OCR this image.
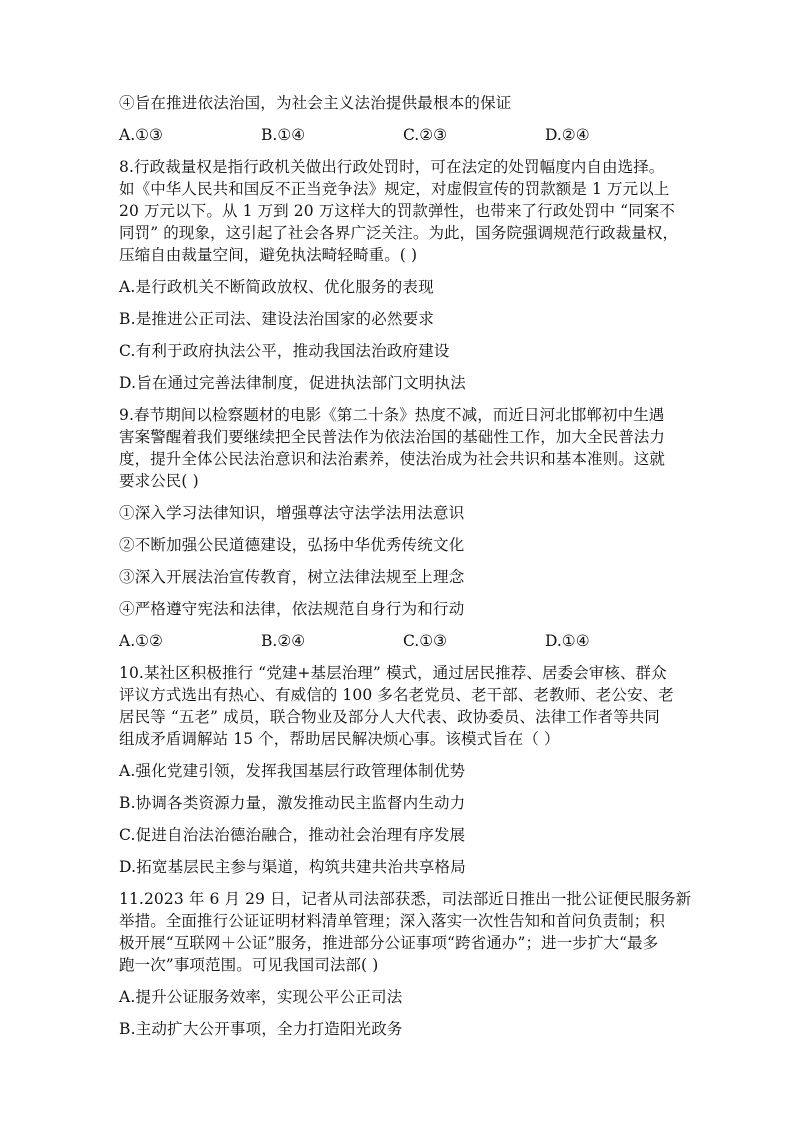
④旨在推进依法治国，为社会主义法治提供最根本的保证
A.①③	B.①④	C.②③	D.②④
8.行政裁量权是指行政机关做出行政处罚时，可在法定的处罚幅度内自由选择。
如《中华人民共和国反不正当竞争法》规定，对虚假宣传的罚款额是 1 万元以上
20 万元以下。从 1 万到 20 万这样大的罚款弹性，也带来了行政处罚中 “同案不
同罚” 的现象，这引起了社会各界广泛关注。为此，国务院强调规范行政裁量权，
压缩自由裁量空间，避免执法畸轻畸重。( )
A.是行政机关不断简政放权、优化服务的表现
B.是推进公正司法、建设法治国家的必然要求
C.有利于政府执法公平，推动我国法治政府建设
D.旨在通过完善法律制度，促进执法部门文明执法
9.春节期间以检察题材的电影《第二十条》热度不减，而近日河北邯郸初中生遇
害案警醒着我们要继续把全民普法作为依法治国的基础性工作，加大全民普法力
度，提升全体公民法治意识和法治素养，使法治成为社会共识和基本准则。这就
要求公民( )
①深入学习法律知识，增强尊法守法学法用法意识
②不断加强公民道德建设，弘扬中华优秀传统文化
③深入开展法治宣传教育，树立法律法规至上理念
④严格遵守宪法和法律，依法规范自身行为和行动
A.①②	B.②④	C.①③	D.①④
10.某社区积极推行 “党建+基层治理” 模式，通过居民推荐、居委会审核、群众
评议方式选出有热心、有威信的 100 多名老党员、老干部、老教师、老公安、老
居民等 “五老” 成员，联合物业及部分人大代表、政协委员、法律工作者等共同
组成矛盾调解站 15 个，帮助居民解决烦心事。该模式旨在（ ）
A.强化党建引领，发挥我国基层行政管理体制优势
B.协调各类资源力量，激发推动民主监督内生动力
C.促进自治法治德治融合，推动社会治理有序发展
D.拓宽基层民主参与渠道，构筑共建共治共享格局
11.2023 年 6 月 29 日，记者从司法部获悉，司法部近日推出一批公证便民服务新
举措。全面推行公证证明材料清单管理；深入落实一次性告知和首问负责制；积
极开展“互联网＋公证”服务，推进部分公证事项“跨省通办”；进一步扩大“最多
跑一次”事项范围。可见我国司法部( )
A.提升公证服务效率，实现公平公正司法
B.主动扩大公开事项，全力打造阳光政务
